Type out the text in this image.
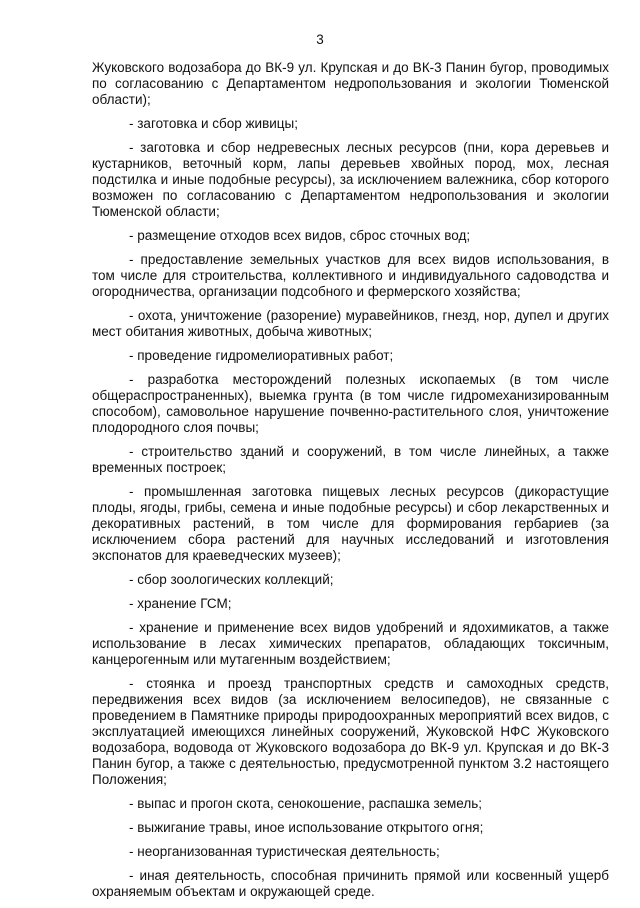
3

Жуковского водозабора до ВК-9 ул. Крупская и до ВК-3 Панин бугор, проводимых по согласованию с Департаментом недропользования и экологии Тюменской области);

- заготовка и сбор живицы;

- заготовка и сбор недревесных лесных ресурсов (пни, кора деревьев и кустарников, веточный корм, лапы деревьев хвойных пород, мох, лесная подстилка и иные подобные ресурсы), за исключением валежника, сбор которого возможен по согласованию с Департаментом недропользования и экологии Тюменской области;

- размещение отходов всех видов, сброс сточных вод;

- предоставление земельных участков для всех видов использования, в том числе для строительства, коллективного и индивидуального садоводства и огородничества, организации подсобного и фермерского хозяйства;

- охота, уничтожение (разорение) муравейников, гнезд, нор, дупел и других мест обитания животных, добыча животных;

- проведение гидромелиоративных работ;

- разработка месторождений полезных ископаемых (в том числе общераспространенных), выемка грунта (в том числе гидромеханизированным способом), самовольное нарушение почвенно-растительного слоя, уничтожение плодородного слоя почвы;

- строительство зданий и сооружений, в том числе линейных, а также временных построек;

- промышленная заготовка пищевых лесных ресурсов (дикорастущие плоды, ягоды, грибы, семена и иные подобные ресурсы) и сбор лекарственных и декоративных растений, в том числе для формирования гербариев (за исключением сбора растений для научных исследований и изготовления экспонатов для краеведческих музеев);

- сбор зоологических коллекций;

- хранение ГСМ;

- хранение и применение всех видов удобрений и ядохимикатов, а также использование в лесах химических препаратов, обладающих токсичным, канцерогенным или мутагенным воздействием;

- стоянка и проезд транспортных средств и самоходных средств, передвижения всех видов (за исключением велосипедов), не связанные с проведением в Памятнике природы природоохранных мероприятий всех видов, с эксплуатацией имеющихся линейных сооружений, Жуковской НФС Жуковского водозабора, водовода от Жуковского водозабора до ВК-9 ул. Крупская и до ВК-3 Панин бугор, а также с деятельностью, предусмотренной пунктом 3.2 настоящего Положения;

- выпас и прогон скота, сенокошение, распашка земель;

- выжигание травы, иное использование открытого огня;

- неорганизованная туристическая деятельность;

- иная деятельность, способная причинить прямой или косвенный ущерб охраняемым объектам и окружающей среде.
